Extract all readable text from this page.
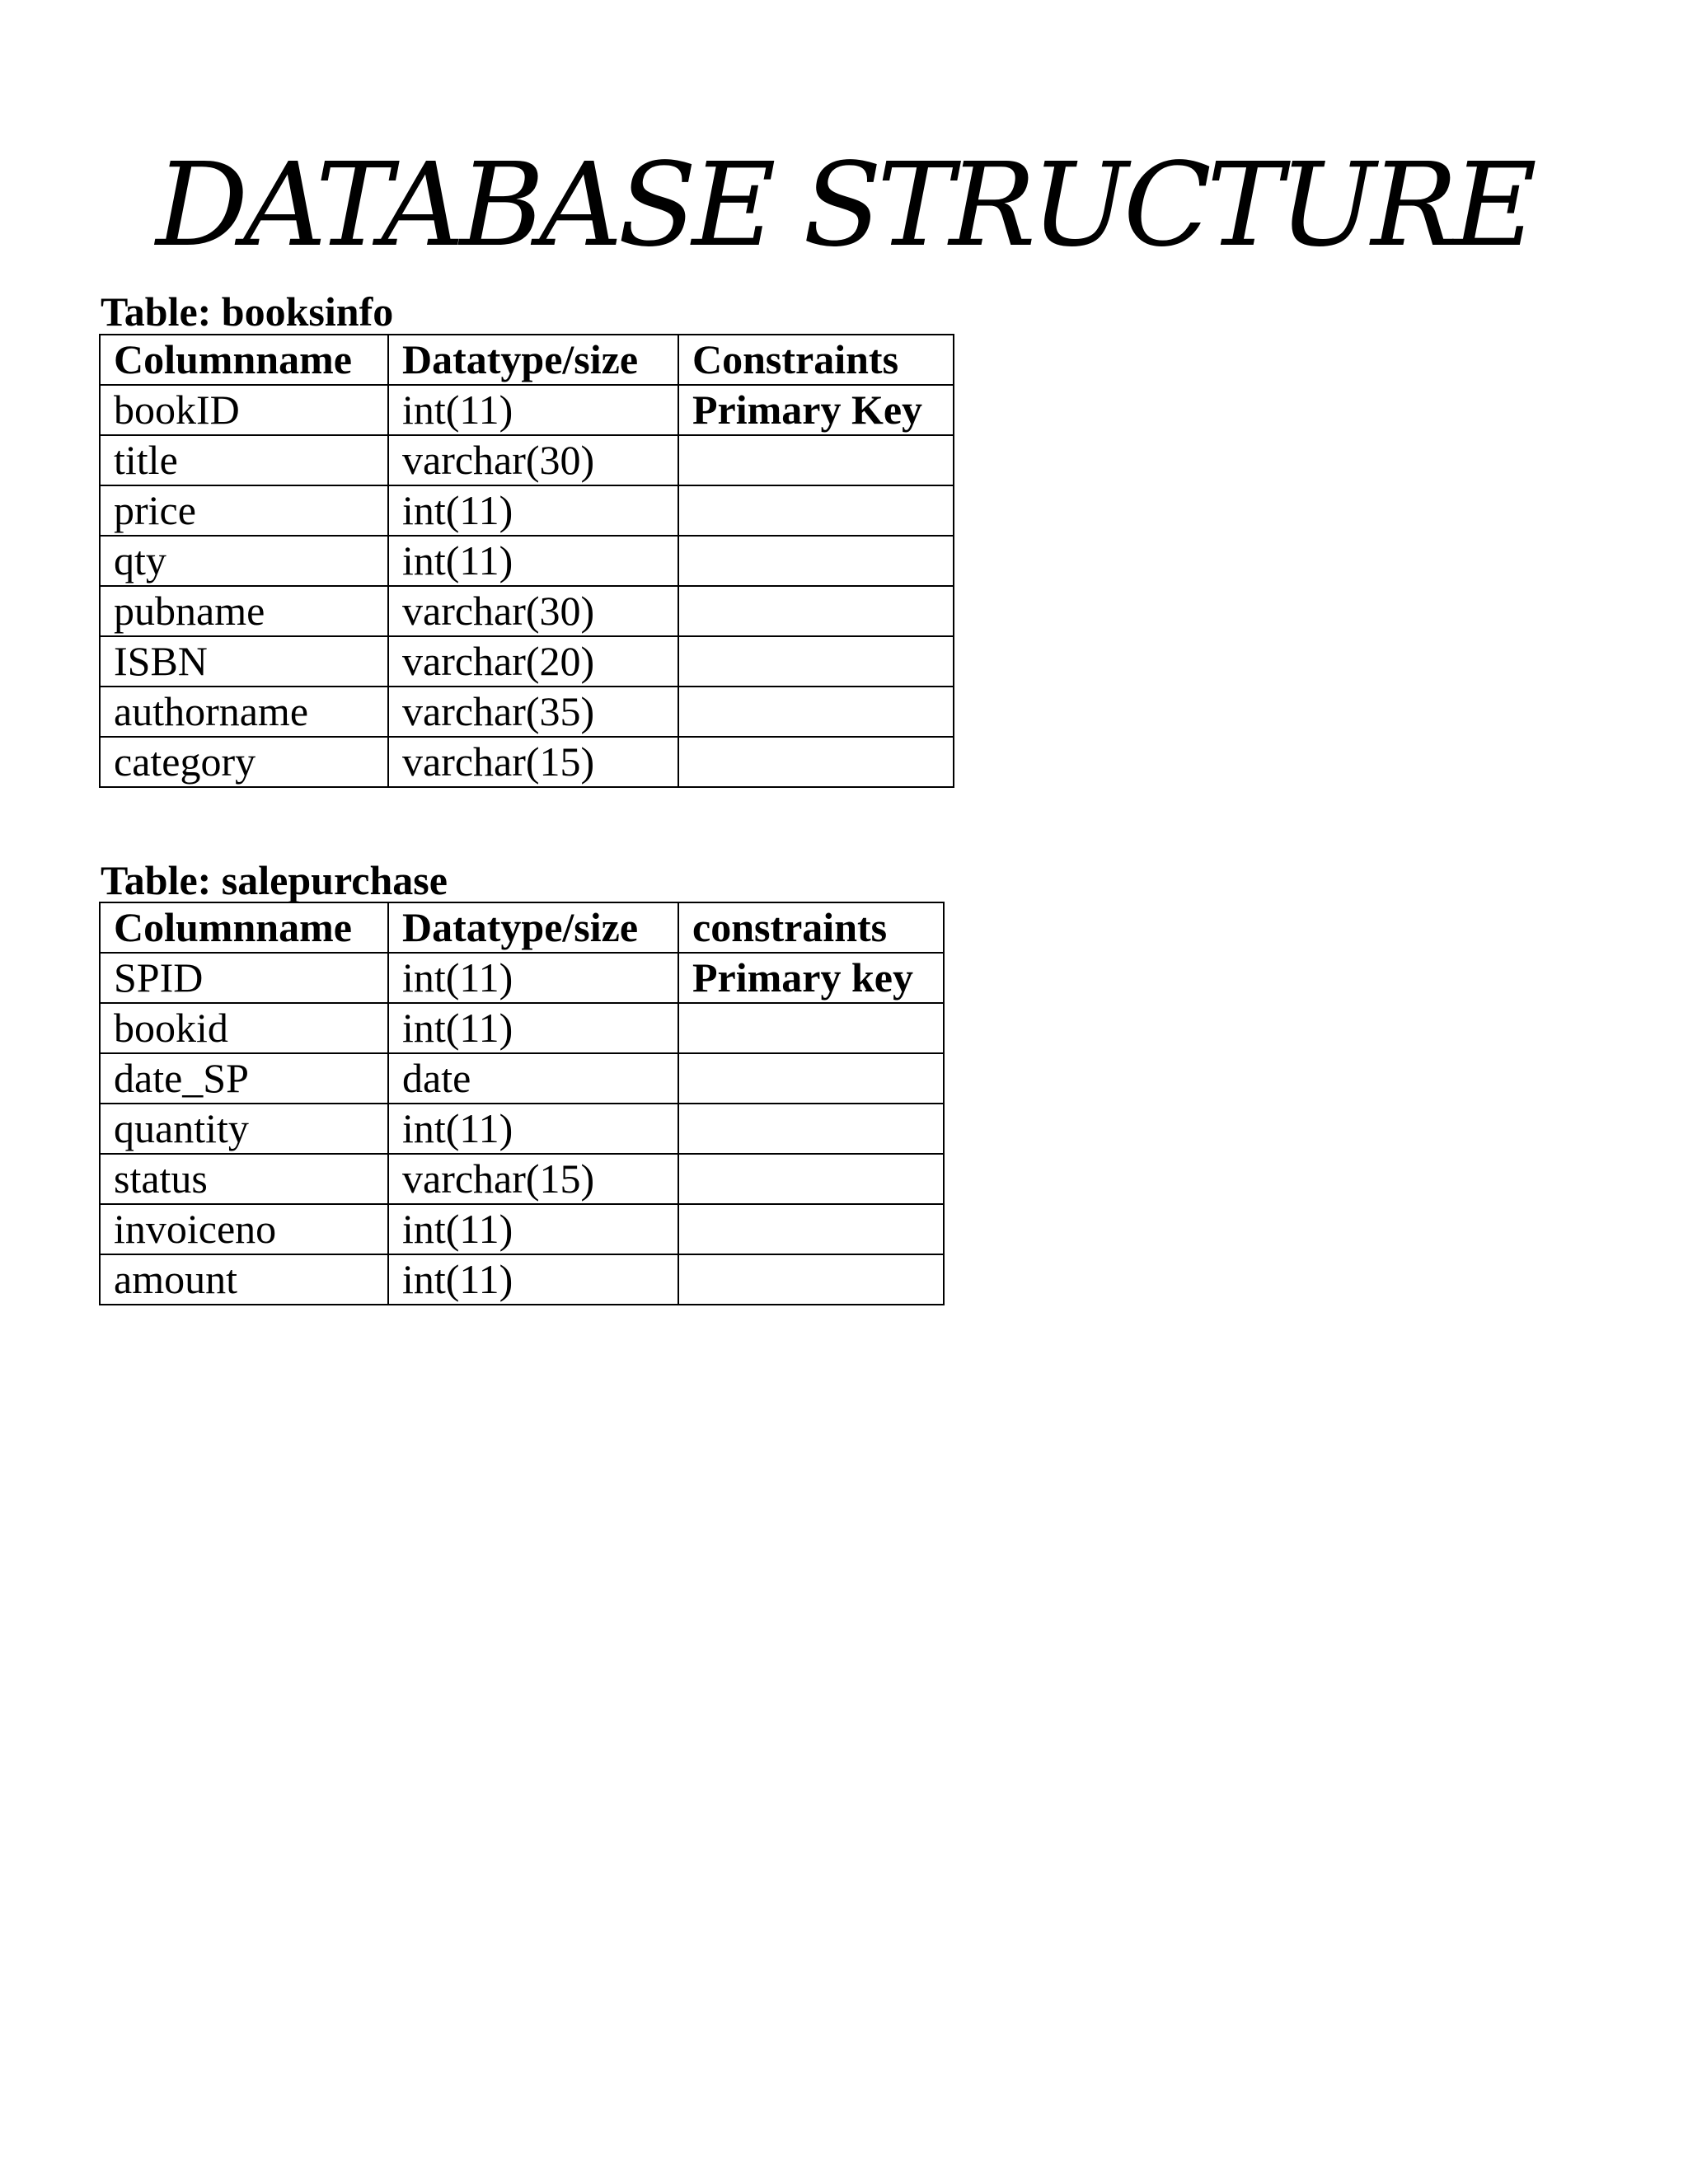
DATABASE STRUCTURE
Table: booksinfo
Columnname	Datatype/size	Constraints
bookID	int(11)	Primary Key
title	varchar(30)	
price	int(11)	
qty	int(11)	
pubname	varchar(30)	
ISBN	varchar(20)	
authorname	varchar(35)	
category	varchar(15)	
Table: salepurchase
Columnname	Datatype/size	constraints
SPID	int(11)	Primary key
bookid	int(11)	
date_SP	date	
quantity	int(11)	
status	varchar(15)	
invoiceno	int(11)	
amount	int(11)	
